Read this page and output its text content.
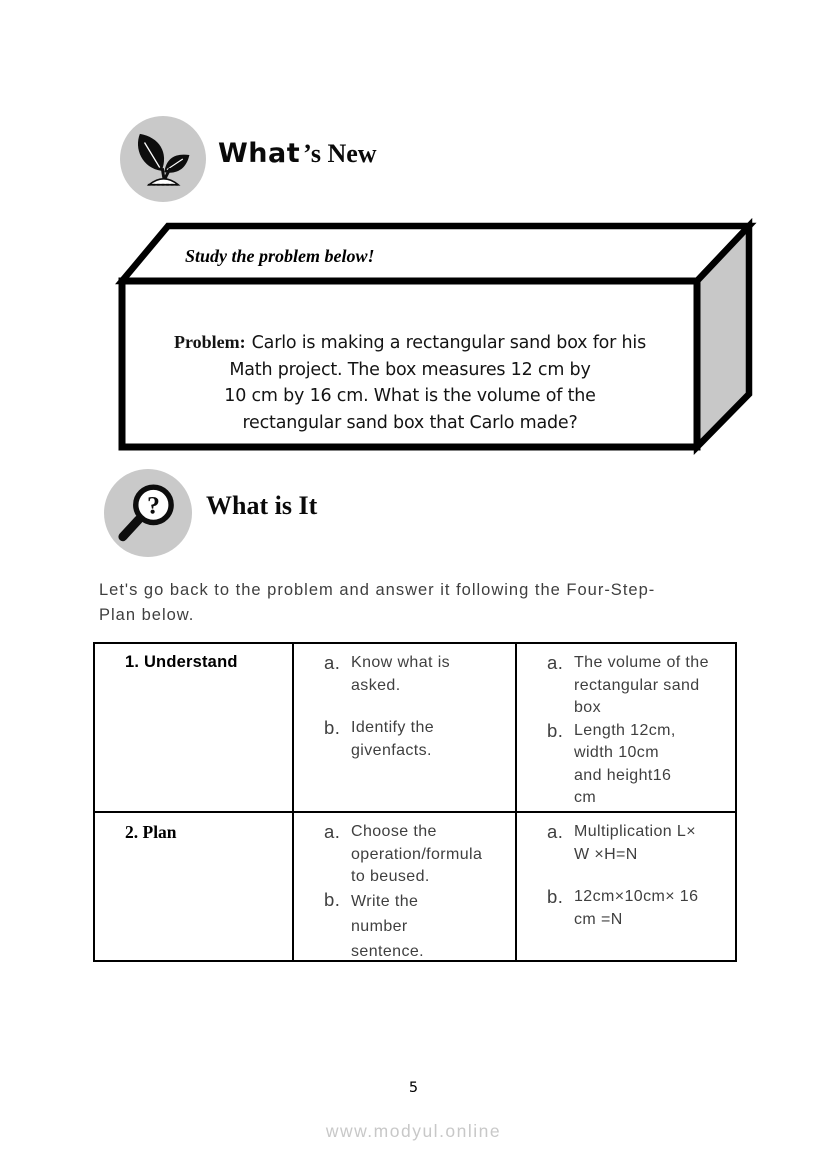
What ’s New
Study the problem below!
Problem: Carlo is making a rectangular sand box for his
Math project. The box measures 12 cm by
10 cm by 16 cm. What is the volume of the
rectangular sand box that Carlo made?
? What is It
Let's go back to the problem and answer it following the Four-Step-
Plan below.
1. Understand	a. Know what is
asked.
b. Identify the
givenfacts.
a. The volume of the
rectangular sand
box
b. Length 12cm,
width 10cm
and height16
cm
2. Plan	a. Choose the
operation/formula
to beused.
b. Write the
number
sentence.
a. Multiplication L×
W ×H=N
b. 12cm×10cm× 16
cm =N
5
www.modyul.online
